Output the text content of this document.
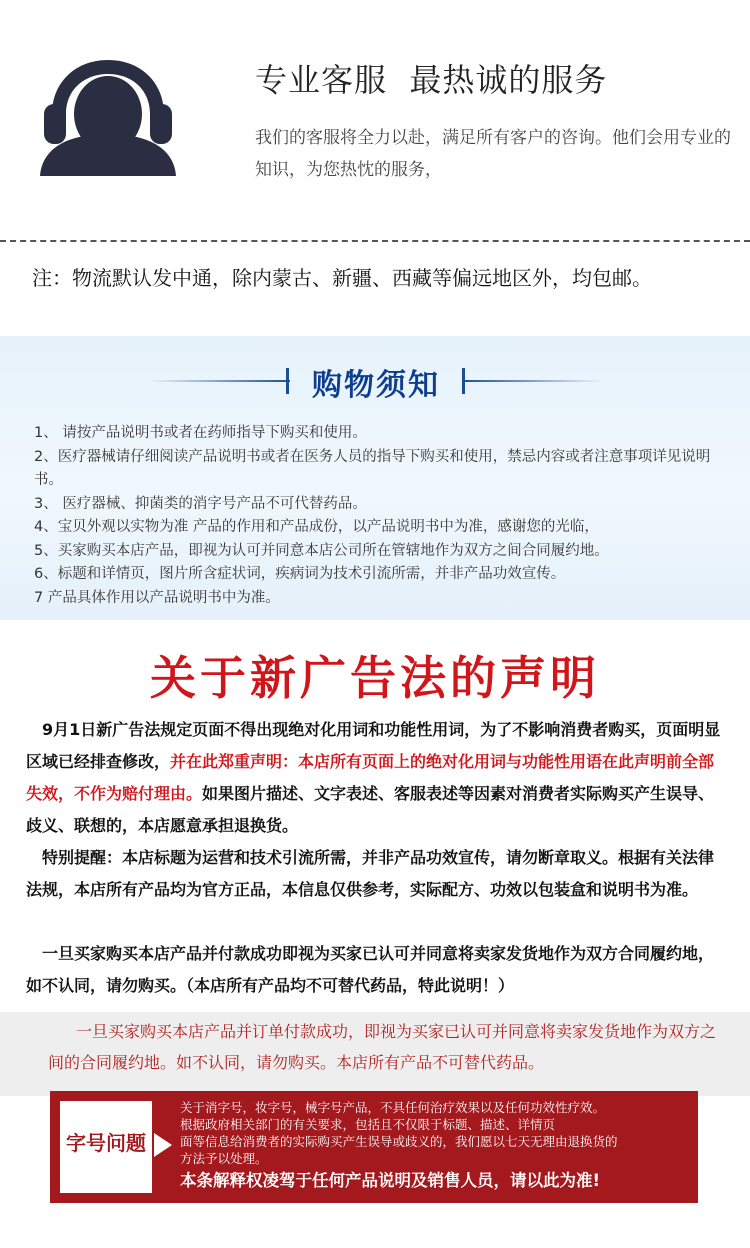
专业客服  最热诚的服务
我们的客服将全力以赴，满足所有客户的咨询。他们会用专业的知识，为您热忱的服务，
注：物流默认发中通，除内蒙古、新疆、西藏等偏远地区外，均包邮。
购物须知
1、 请按产品说明书或者在药师指导下购买和使用。
2、医疗器械请仔细阅读产品说明书或者在医务人员的指导下购买和使用，禁忌内容或者注意事项详见说明书。
3、 医疗器械、抑菌类的消字号产品不可代替药品。
4、宝贝外观以实物为准 产品的作用和产品成份，以产品说明书中为准，感谢您的光临，
5、买家购买本店产品，即视为认可并同意本店公司所在管辖地作为双方之间合同履约地。
6、标题和详情页，图片所含症状词，疾病词为技术引流所需，并非产品功效宣传。
7 产品具体作用以产品说明书中为准。
关于新广告法的声明

9月1日新广告法规定页面不得出现绝对化用词和功能性用词，为了不影响消费者购买，页面明显区域已经排查修改，并在此郑重声明：本店所有页面上的绝对化用词与功能性用语在此声明前全部失效，不作为赔付理由。如果图片描述、文字表述、客服表述等因素对消费者实际购买产生误导、歧义、联想的，本店愿意承担退换货。

特别提醒：本店标题为运营和技术引流所需，并非产品功效宣传，请勿断章取义。根据有关法律法规，本店所有产品均为官方正品，本信息仅供参考，实际配方、功效以包装盒和说明书为准。

一旦买家购买本店产品并付款成功即视为买家已认可并同意将卖家发货地作为双方合同履约地，如不认同，请勿购买。（本店所有产品均不可替代药品，特此说明！）

一旦买家购买本店产品并订单付款成功，即视为买家已认可并同意将卖家发货地作为双方之间的合同履约地。如不认同，请勿购买。本店所有产品不可替代药品。

字号问题
关于消字号，妆字号，械字号产品，不具任何治疗效果以及任何功效性疗效。
根据政府相关部门的有关要求，包括且不仅限于标题、描述、详情页
面等信息给消费者的实际购买产生误导或歧义的，我们愿以七天无理由退换货的
方法予以处理。
本条解释权凌驾于任何产品说明及销售人员，请以此为准!
